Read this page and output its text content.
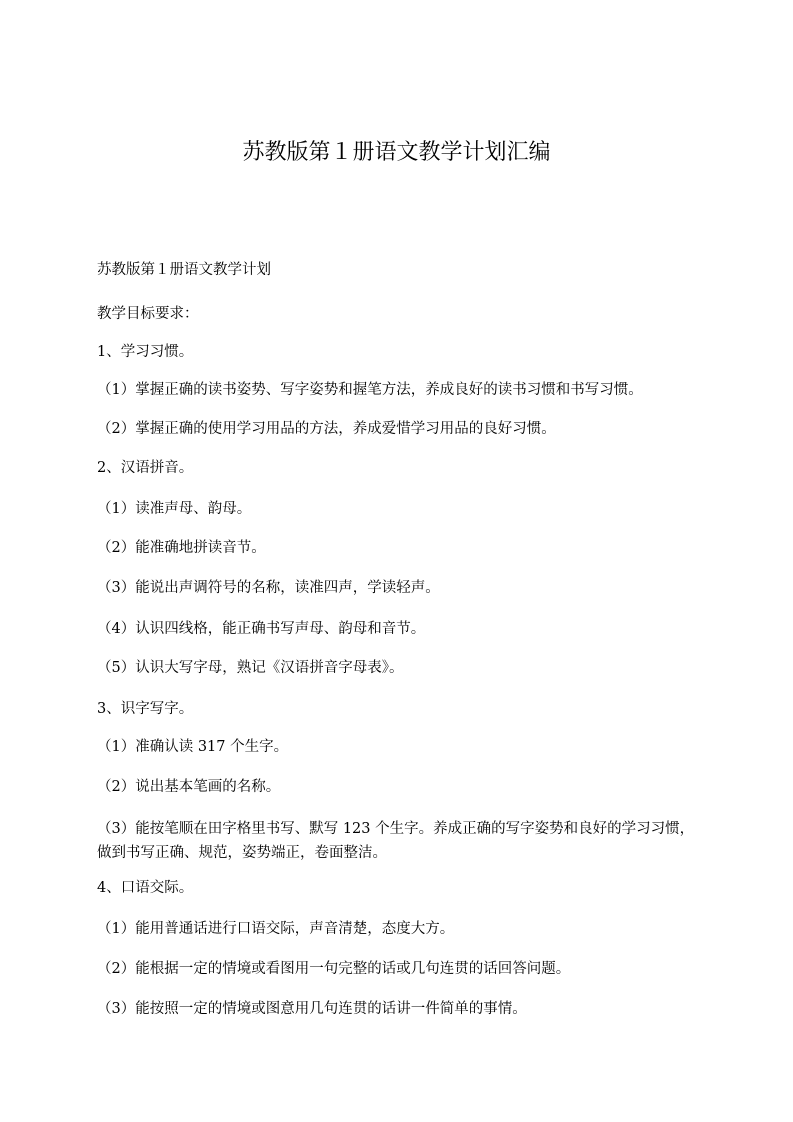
苏教版第１册语文教学计划汇编

苏教版第１册语文教学计划

教学目标要求：

1、学习习惯。

（1）掌握正确的读书姿势、写字姿势和握笔方法，养成良好的读书习惯和书写习惯。

（2）掌握正确的使用学习用品的方法，养成爱惜学习用品的良好习惯。

2、汉语拼音。

（1）读准声母、韵母。

（2）能准确地拼读音节。

（3）能说出声调符号的名称，读准四声，学读轻声。

（4）认识四线格，能正确书写声母、韵母和音节。

（5）认识大写字母，熟记《汉语拼音字母表》。

3、识字写字。

（1）准确认读 317 个生字。

（2）说出基本笔画的名称。

（3）能按笔顺在田字格里书写、默写 123 个生字。养成正确的写字姿势和良好的学习习惯，做到书写正确、规范，姿势端正，卷面整洁。

4、口语交际。

（1）能用普通话进行口语交际，声音清楚，态度大方。

（2）能根据一定的情境或看图用一句完整的话或几句连贯的话回答问题。

（3）能按照一定的情境或图意用几句连贯的话讲一件简单的事情。
